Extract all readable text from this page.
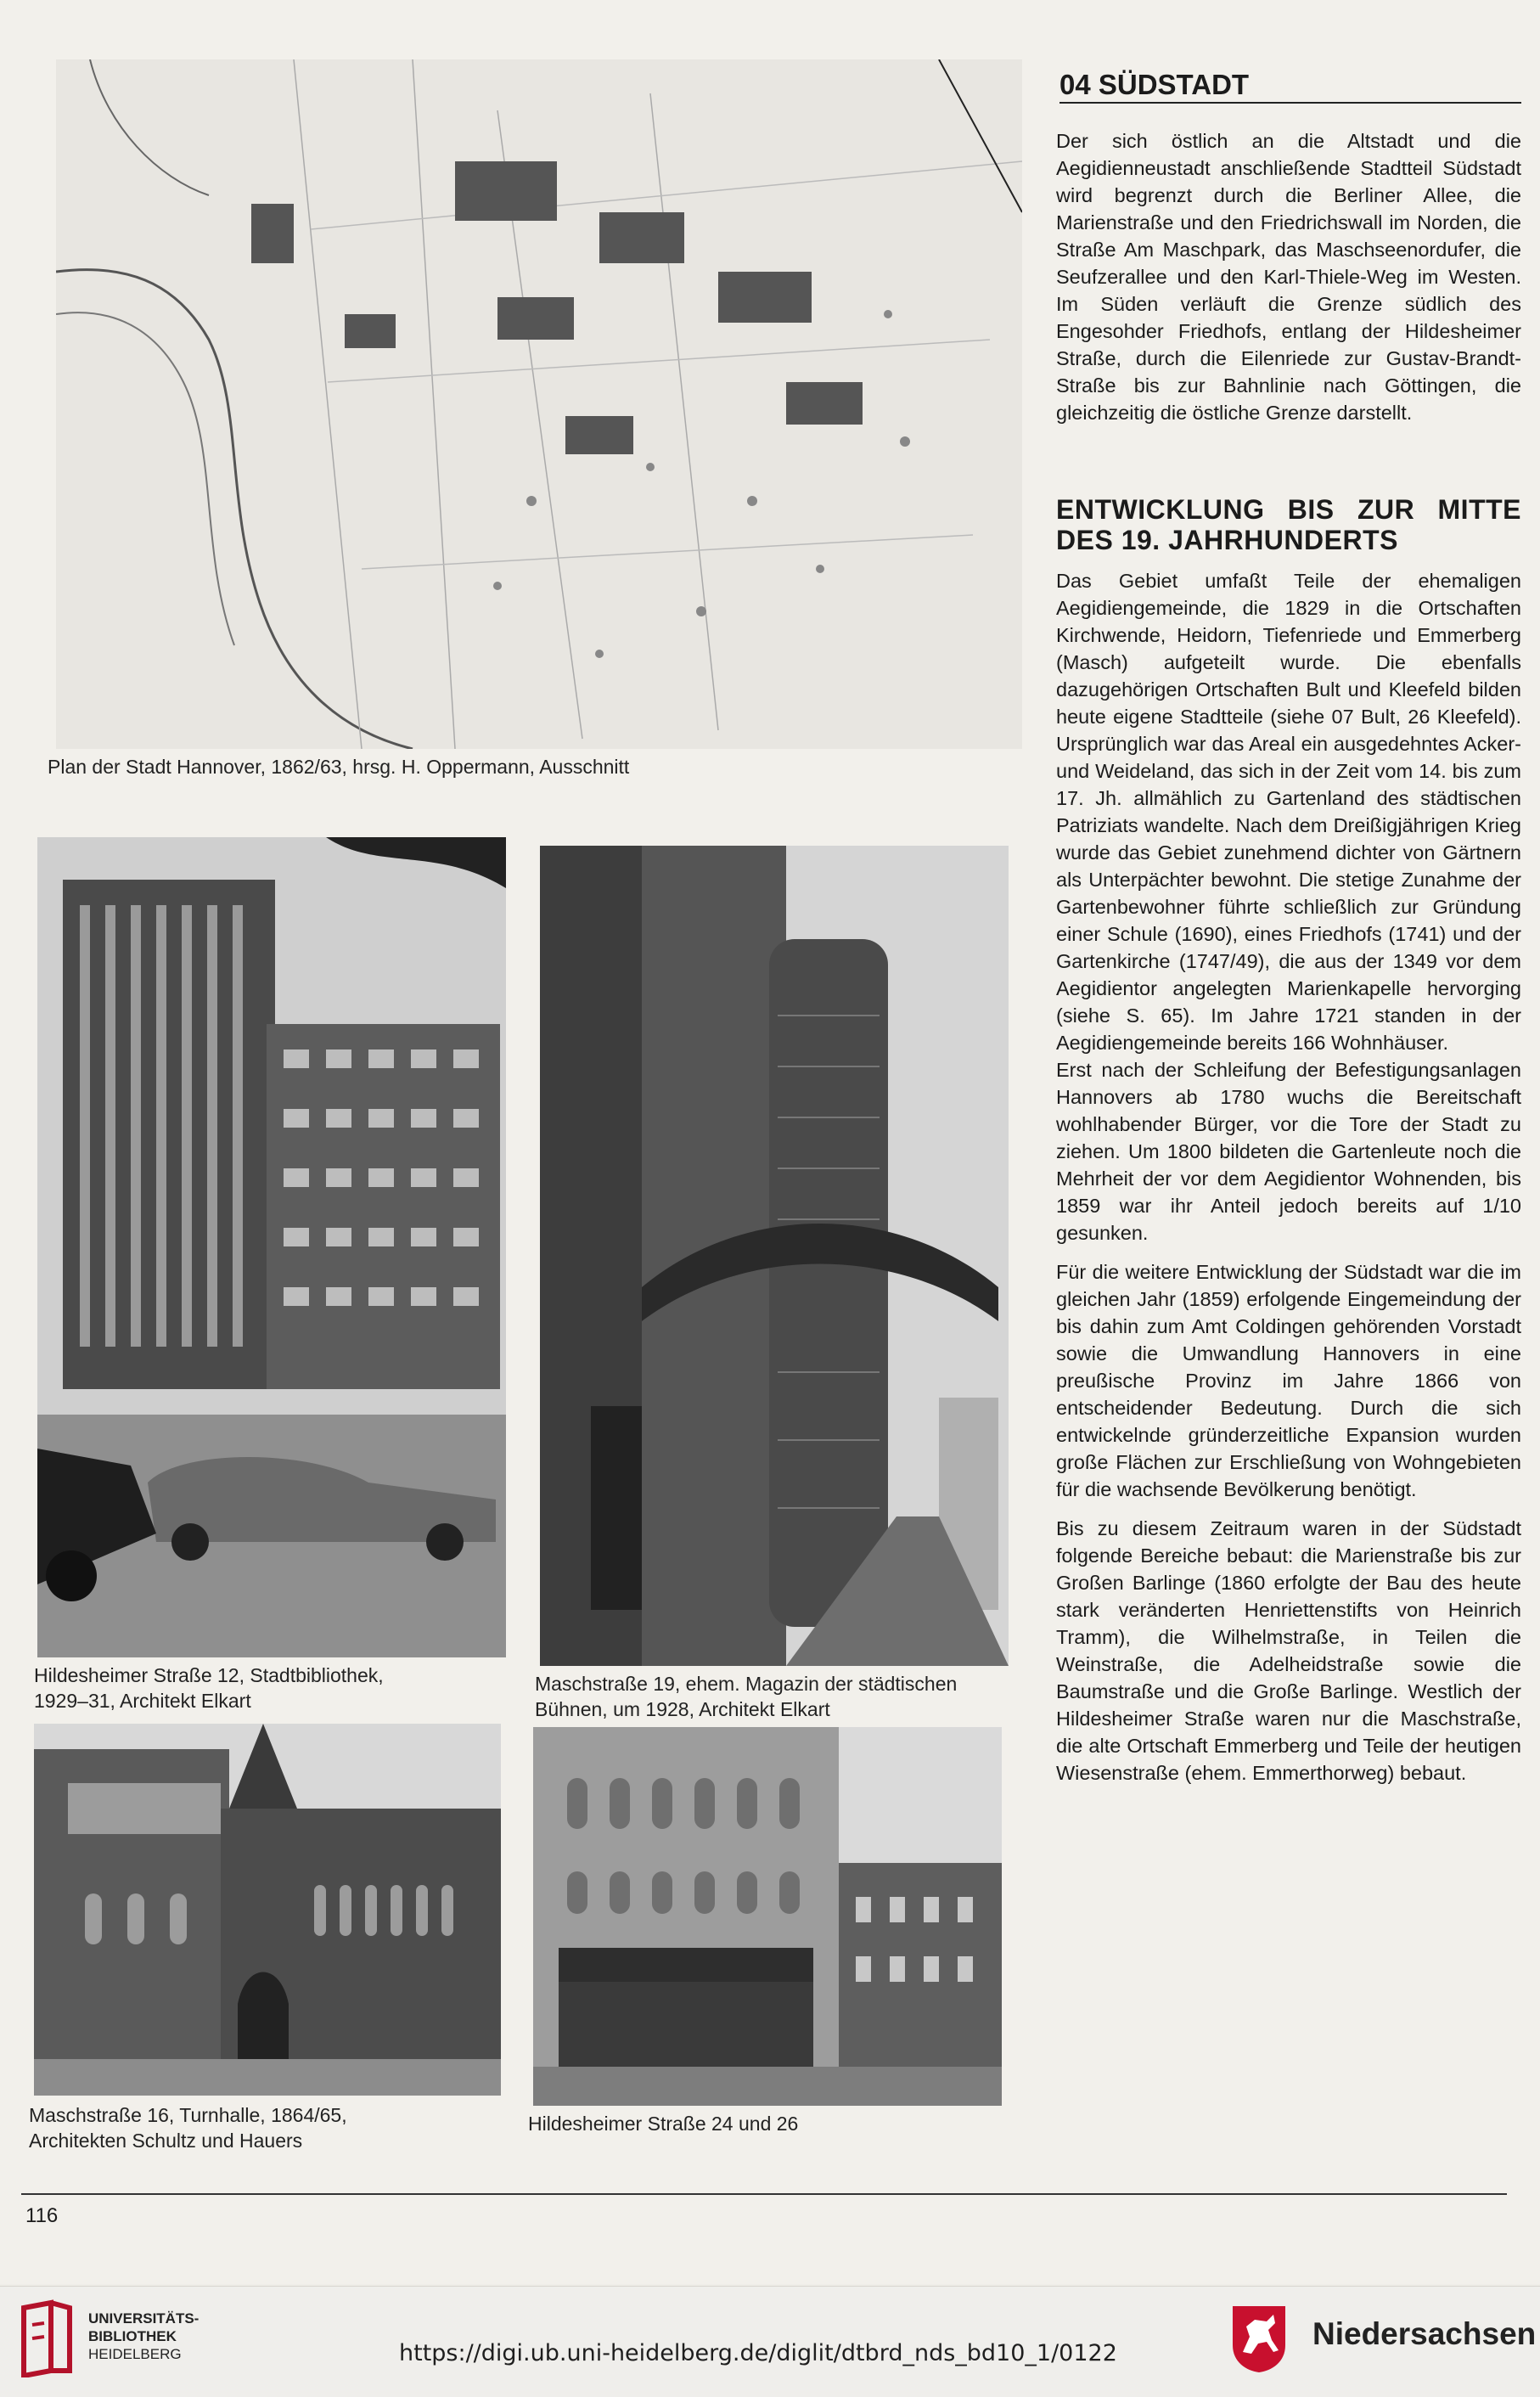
Plan der Stadt Hannover, 1862/63, hrsg. H. Oppermann, Ausschnitt
Hildesheimer Straße 12, Stadtbibliothek,
1929–31, Architekt Elkart
Maschstraße 19, ehem. Magazin der städtischen
Bühnen, um 1928, Architekt Elkart
Maschstraße 16, Turnhalle, 1864/65,
Architekten Schultz und Hauers
Hildesheimer Straße 24 und 26
04 SÜDSTADT

Der sich östlich an die Altstadt und die Aegidienneustadt anschließende Stadtteil Südstadt wird begrenzt durch die Berliner Allee, die Marienstraße und den Friedrichswall im Norden, die Straße Am Maschpark, das Maschseenordufer, die Seufzerallee und den Karl-Thiele-Weg im Westen. Im Süden verläuft die Grenze südlich des Engesohder Friedhofs, entlang der Hildesheimer Straße, durch die Eilenriede zur Gustav-Brandt-Straße bis zur Bahnlinie nach Göttingen, die gleichzeitig die östliche Grenze darstellt.

ENTWICKLUNG BIS ZUR MITTE DES 19. JAHRHUNDERTS

Das Gebiet umfaßt Teile der ehemaligen Aegidiengemeinde, die 1829 in die Ortschaften Kirchwende, Heidorn, Tiefenriede und Emmerberg (Masch) aufgeteilt wurde. Die ebenfalls dazugehörigen Ortschaften Bult und Kleefeld bilden heute eigene Stadtteile (siehe 07 Bult, 26 Kleefeld). Ursprünglich war das Areal ein ausgedehntes Acker- und Weideland, das sich in der Zeit vom 14. bis zum 17. Jh. allmählich zu Gartenland des städtischen Patriziats wandelte. Nach dem Dreißigjährigen Krieg wurde das Gebiet zunehmend dichter von Gärtnern als Unterpächter bewohnt. Die stetige Zunahme der Gartenbewohner führte schließlich zur Gründung einer Schule (1690), eines Friedhofs (1741) und der Gartenkirche (1747/49), die aus der 1349 vor dem Aegidientor angelegten Marienkapelle hervorging (siehe S. 65). Im Jahre 1721 standen in der Aegidiengemeinde bereits 166 Wohnhäuser.

Erst nach der Schleifung der Befestigungsanlagen Hannovers ab 1780 wuchs die Bereitschaft wohlhabender Bürger, vor die Tore der Stadt zu ziehen. Um 1800 bildeten die Gartenleute noch die Mehrheit der vor dem Aegidientor Wohnenden, bis 1859 war ihr Anteil jedoch bereits auf 1/10 gesunken.

Für die weitere Entwicklung der Südstadt war die im gleichen Jahr (1859) erfolgende Eingemeindung der bis dahin zum Amt Coldingen gehörenden Vorstadt sowie die Umwandlung Hannovers in eine preußische Provinz im Jahre 1866 von entscheidender Bedeutung. Durch die sich entwickelnde gründerzeitliche Expansion wurden große Flächen zur Erschließung von Wohngebieten für die wachsende Bevölkerung benötigt.

Bis zu diesem Zeitraum waren in der Südstadt folgende Bereiche bebaut: die Marienstraße bis zur Großen Barlinge (1860 erfolgte der Bau des heute stark veränderten Henriettenstifts von Heinrich Tramm), die Wilhelmstraße, in Teilen die Weinstraße, die Adelheidstraße sowie die Baumstraße und die Große Barlinge. Westlich der Hildesheimer Straße waren nur die Maschstraße, die alte Ortschaft Emmerberg und Teile der heutigen Wiesenstraße (ehem. Emmerthorweg) bebaut.

116
UNIVERSITÄTS-
BIBLIOTHEK
HEIDELBERG	https://digi.ub.uni-heidelberg.de/diglit/dtbrd_nds_bd10_1/0122
Niedersachsen
